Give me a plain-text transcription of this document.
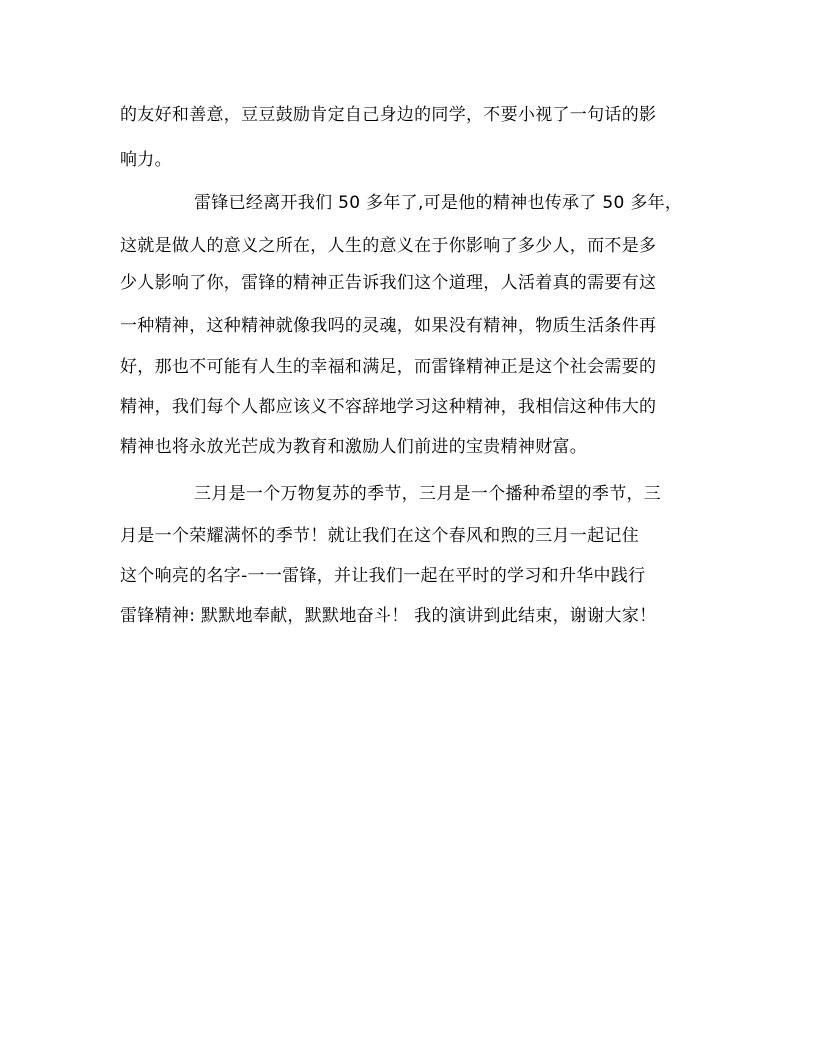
的友好和善意，豆豆鼓励肯定自己身边的同学，不要小视了一句话的影
响力。
雷锋已经离开我们 50 多年了,可是他的精神也传承了 50 多年，
这就是做人的意义之所在，人生的意义在于你影响了多少人，而不是多
少人影响了你，雷锋的精神正告诉我们这个道理，人活着真的需要有这
一种精神，这种精神就像我吗的灵魂，如果没有精神，物质生活条件再
好，那也不可能有人生的幸福和满足，而雷锋精神正是这个社会需要的
精神，我们每个人都应该义不容辞地学习这种精神，我相信这种伟大的
精神也将永放光芒成为教育和激励人们前进的宝贵精神财富。
三月是一个万物复苏的季节，三月是一个播种希望的季节，三
月是一个荣耀满怀的季节！就让我们在这个春风和煦的三月一起记住
这个响亮的名字-一一雷锋，并让我们一起在平时的学习和升华中践行
雷锋精神: 默默地奉献，默默地奋斗！ 我的演讲到此结束，谢谢大家！
